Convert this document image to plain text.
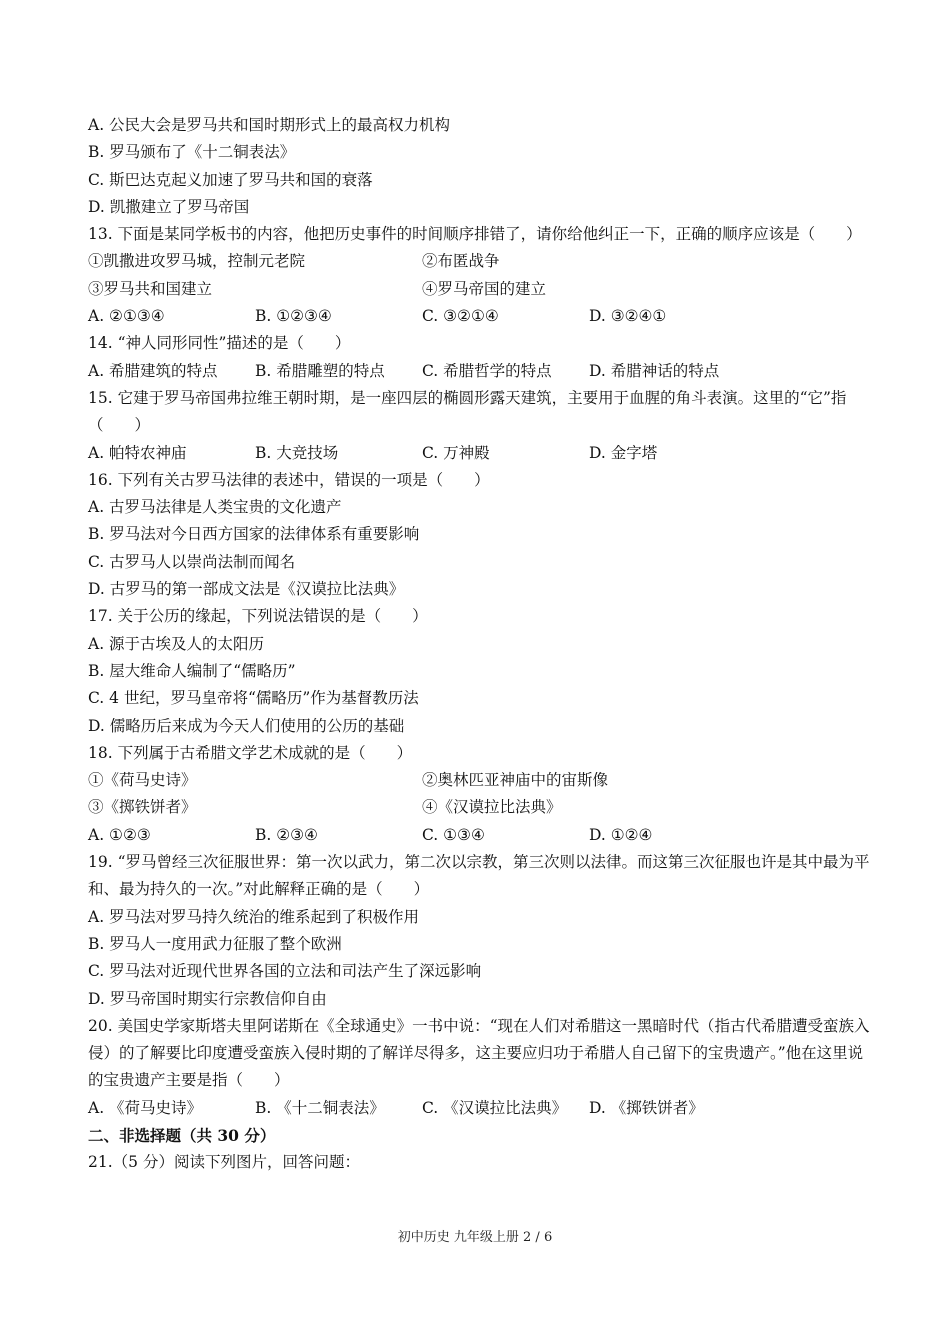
A. 公民大会是罗马共和国时期形式上的最高权力机构
B. 罗马颁布了《十二铜表法》
C. 斯巴达克起义加速了罗马共和国的衰落
D. 凯撒建立了罗马帝国
13. 下面是某同学板书的内容，他把历史事件的时间顺序排错了，请你给他纠正一下，正确的顺序应该是（　　）
①凯撒进攻罗马城，控制元老院	②布匿战争
③罗马共和国建立	④罗马帝国的建立
A. ②①③④	B. ①②③④	C. ③②①④	D. ③②④①
14. “神人同形同性”描述的是（　　）
A. 希腊建筑的特点	B. 希腊雕塑的特点	C. 希腊哲学的特点	D. 希腊神话的特点
15. 它建于罗马帝国弗拉维王朝时期，是一座四层的椭圆形露天建筑，主要用于血腥的角斗表演。这里的“它”指（　　）
A. 帕特农神庙	B. 大竞技场	C. 万神殿	D. 金字塔
16. 下列有关古罗马法律的表述中，错误的一项是（　　）
A. 古罗马法律是人类宝贵的文化遗产
B. 罗马法对今日西方国家的法律体系有重要影响
C. 古罗马人以崇尚法制而闻名
D. 古罗马的第一部成文法是《汉谟拉比法典》
17. 关于公历的缘起，下列说法错误的是（　　）
A. 源于古埃及人的太阳历
B. 屋大维命人编制了“儒略历”
C. 4 世纪，罗马皇帝将“儒略历”作为基督教历法
D. 儒略历后来成为今天人们使用的公历的基础
18. 下列属于古希腊文学艺术成就的是（　　）
①《荷马史诗》	②奥林匹亚神庙中的宙斯像
③《掷铁饼者》	④《汉谟拉比法典》
A. ①②③	B. ②③④	C. ①③④	D. ①②④
19. “罗马曾经三次征服世界：第一次以武力，第二次以宗教，第三次则以法律。而这第三次征服也许是其中最为平和、最为持久的一次。”对此解释正确的是（　　）
A. 罗马法对罗马持久统治的维系起到了积极作用
B. 罗马人一度用武力征服了整个欧洲
C. 罗马法对近现代世界各国的立法和司法产生了深远影响
D. 罗马帝国时期实行宗教信仰自由
20. 美国史学家斯塔夫里阿诺斯在《全球通史》一书中说：“现在人们对希腊这一黑暗时代（指古代希腊遭受蛮族入侵）的了解要比印度遭受蛮族入侵时期的了解详尽得多，这主要应归功于希腊人自己留下的宝贵遗产。”他在这里说的宝贵遗产主要是指（　　）
A. 《荷马史诗》	B. 《十二铜表法》	C. 《汉谟拉比法典》	D. 《掷铁饼者》
二、非选择题（共 30 分）
21.（5 分）阅读下列图片，回答问题：
初中历史 九年级上册 2 / 6
